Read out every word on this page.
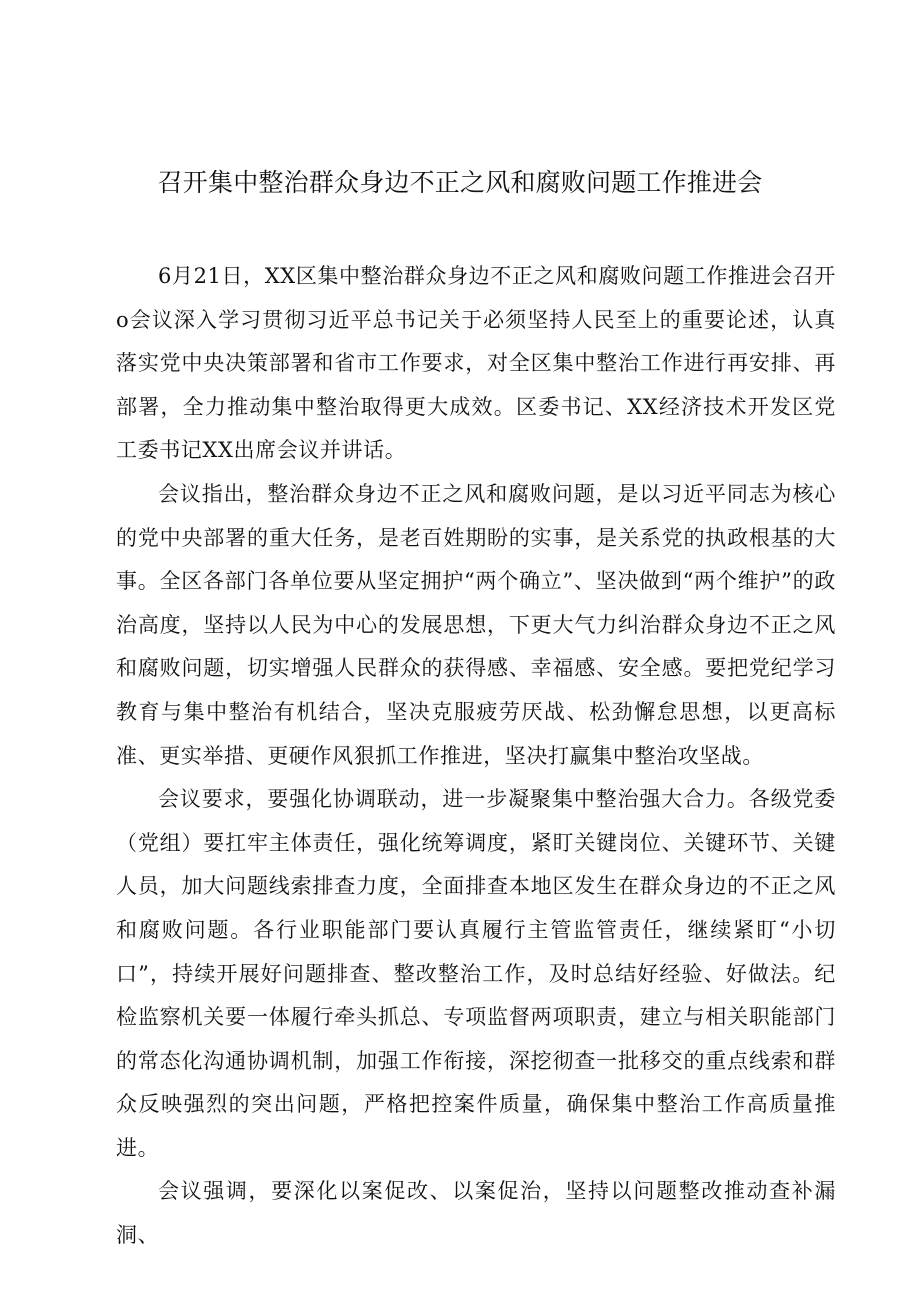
召开集中整治群众身边不正之风和腐败问题工作推进会

6月21日，XX区集中整治群众身边不正之风和腐败问题工作推进会召开o会议深入学习贯彻习近平总书记关于必须坚持人民至上的重要论述，认真落实党中央决策部署和省市工作要求，对全区集中整治工作进行再安排、再部署，全力推动集中整治取得更大成效。区委书记、XX经济技术开发区党工委书记XX出席会议并讲话。

会议指出，整治群众身边不正之风和腐败问题，是以习近平同志为核心的党中央部署的重大任务，是老百姓期盼的实事，是关系党的执政根基的大事。全区各部门各单位要从坚定拥护“两个确立”、坚决做到“两个维护”的政治高度，坚持以人民为中心的发展思想，下更大气力纠治群众身边不正之风和腐败问题，切实增强人民群众的获得感、幸福感、安全感。要把党纪学习教育与集中整治有机结合，坚决克服疲劳厌战、松劲懈怠思想，以更高标准、更实举措、更硬作风狠抓工作推进，坚决打赢集中整治攻坚战。

会议要求，要强化协调联动，进一步凝聚集中整治强大合力。各级党委（党组）要扛牢主体责任，强化统筹调度，紧盯关键岗位、关键环节、关键人员，加大问题线索排查力度，全面排查本地区发生在群众身边的不正之风和腐败问题。各行业职能部门要认真履行主管监管责任，继续紧盯“小切口”，持续开展好问题排查、整改整治工作，及时总结好经验、好做法。纪检监察机关要一体履行牵头抓总、专项监督两项职责，建立与相关职能部门的常态化沟通协调机制，加强工作衔接，深挖彻查一批移交的重点线索和群众反映强烈的突出问题，严格把控案件质量，确保集中整治工作高质量推进。

会议强调，要深化以案促改、以案促治，坚持以问题整改推动查补漏洞、
